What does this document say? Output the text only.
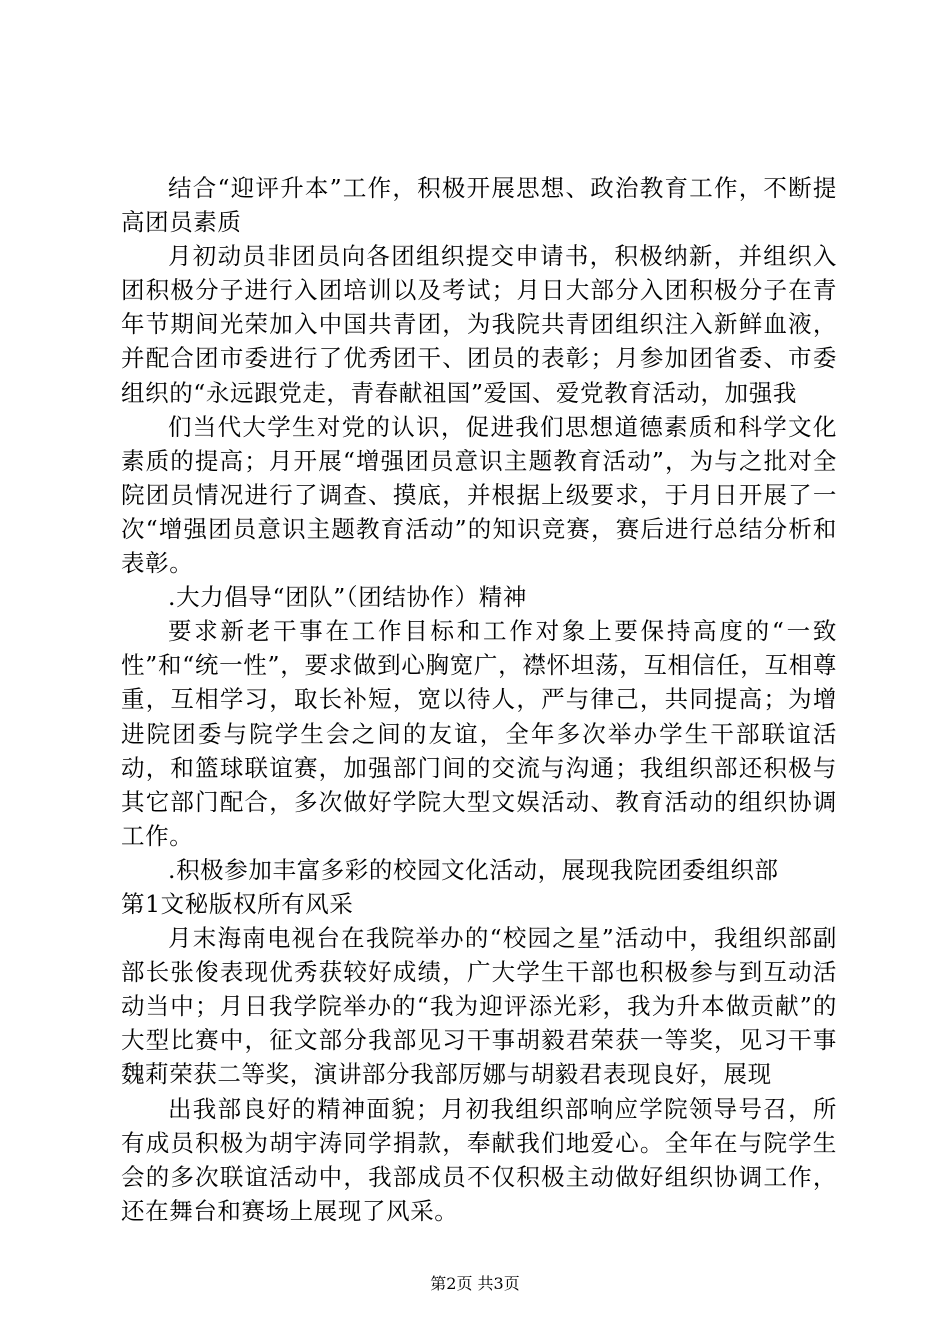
结合“迎评升本”工作，积极开展思想、政治教育工作，不断提高团员素质

月初动员非团员向各团组织提交申请书，积极纳新，并组织入团积极分子进行入团培训以及考试；月日大部分入团积极分子在青年节期间光荣加入中国共青团，为我院共青团组织注入新鲜血液，并配合团市委进行了优秀团干、团员的表彰；月参加团省委、市委组织的“永远跟党走，青春献祖国”爱国、爱党教育活动，加强我

们当代大学生对党的认识，促进我们思想道德素质和科学文化素质的提高；月开展“增强团员意识主题教育活动”，为与之批对全院团员情况进行了调查、摸底，并根据上级要求，于月日开展了一次“增强团员意识主题教育活动”的知识竞赛，赛后进行总结分析和表彰。

.大力倡导“团队”（团结协作）精神

要求新老干事在工作目标和工作对象上要保持高度的“一致性”和“统一性”，要求做到心胸宽广，襟怀坦荡，互相信任，互相尊重，互相学习，取长补短，宽以待人，严与律己，共同提高；为增进院团委与院学生会之间的友谊，全年多次举办学生干部联谊活动，和篮球联谊赛，加强部门间的交流与沟通；我组织部还积极与其它部门配合，多次做好学院大型文娱活动、教育活动的组织协调工作。

.积极参加丰富多彩的校园文化活动，展现我院团委组织部

第1文秘版权所有风采

月末海南电视台在我院举办的“校园之星”活动中，我组织部副部长张俊表现优秀获较好成绩，广大学生干部也积极参与到互动活动当中；月日我学院举办的“我为迎评添光彩，我为升本做贡献”的大型比赛中，征文部分我部见习干事胡毅君荣获一等奖，见习干事魏莉荣获二等奖，演讲部分我部厉娜与胡毅君表现良好，展现

出我部良好的精神面貌；月初我组织部响应学院领导号召，所有成员积极为胡宇涛同学捐款，奉献我们地爱心。全年在与院学生会的多次联谊活动中，我部成员不仅积极主动做好组织协调工作，还在舞台和赛场上展现了风采。

第2页 共3页
